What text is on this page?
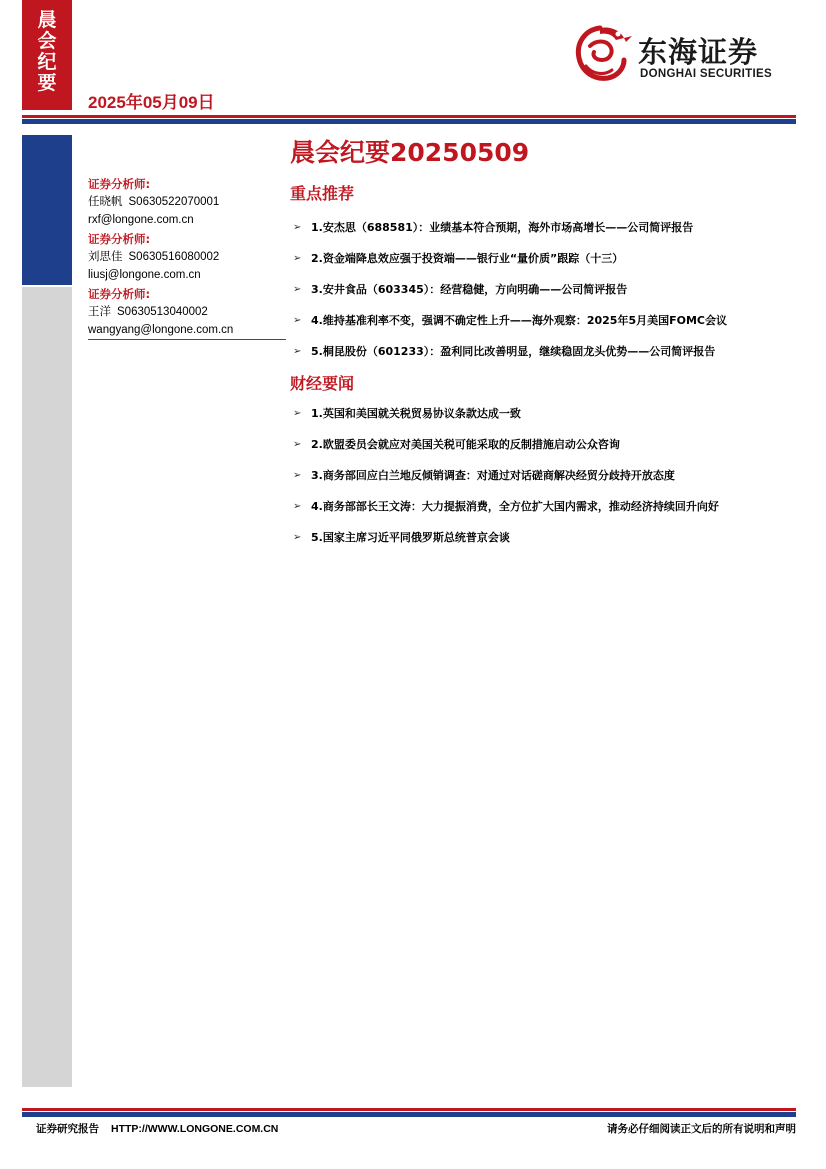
晨
会
纪
要
2025年05月09日
东海证券
DONGHAI SECURITIES
证券分析师:
任晓帆 S0630522070001
rxf@longone.com.cn
证券分析师:
刘思佳 S0630516080002
liusj@longone.com.cn
证券分析师:
王洋 S0630513040002
wangyang@longone.com.cn
晨会纪要20250509
重点推荐
➢ 1.安杰思（688581）：业绩基本符合预期，海外市场高增长——公司简评报告
➢ 2.资金端降息效应强于投资端——银行业“量价质”跟踪（十三）
➢ 3.安井食品（603345）：经营稳健，方向明确——公司简评报告
➢ 4.维持基准利率不变，强调不确定性上升——海外观察：2025年5月美国FOMC会议
➢ 5.桐昆股份（601233）：盈利同比改善明显，继续稳固龙头优势——公司简评报告
财经要闻
➢ 1.英国和美国就关税贸易协议条款达成一致
➢ 2.欧盟委员会就应对美国关税可能采取的反制措施启动公众咨询
➢ 3.商务部回应白兰地反倾销调查：对通过对话磋商解决经贸分歧持开放态度
➢ 4.商务部部长王文涛：大力提振消费，全方位扩大国内需求，推动经济持续回升向好
➢ 5.国家主席习近平同俄罗斯总统普京会谈
证券研究报告 HTTP://WWW.LONGONE.COM.CN	请务必仔细阅读正文后的所有说明和声明
